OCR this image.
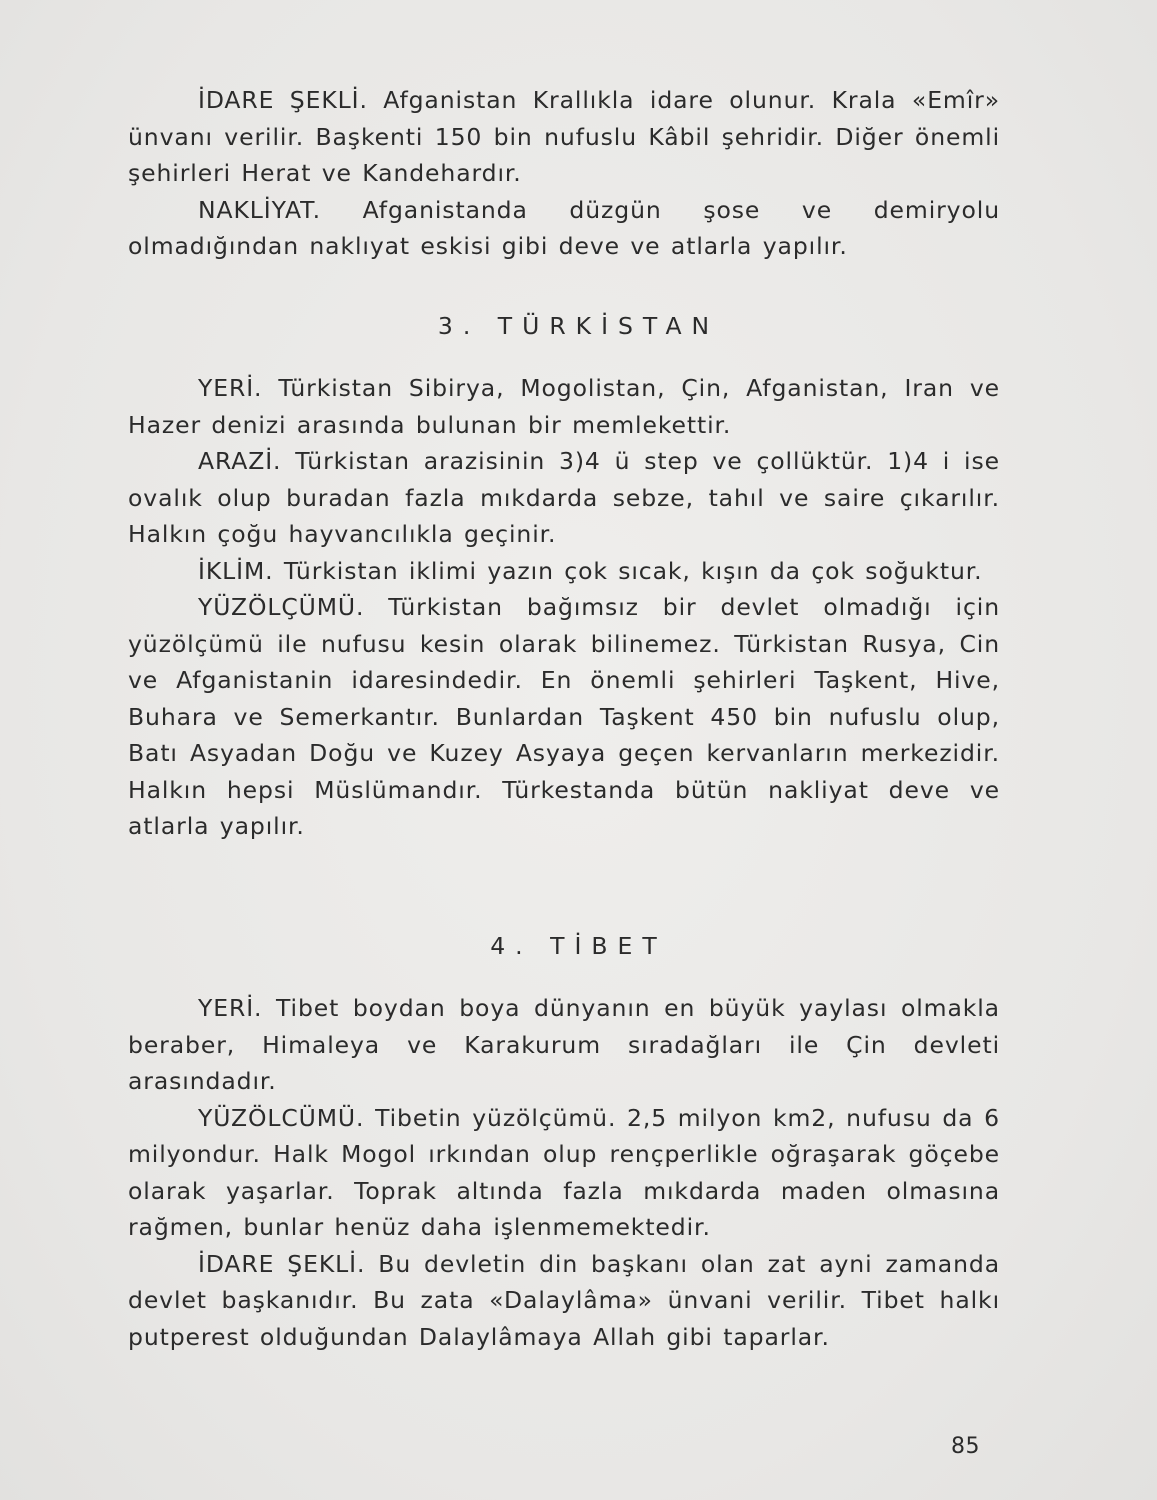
İDARE ŞEKLİ. Afganistan Krallıkla idare olunur. Krala «Emîr» ünvanı verilir. Başkenti 150 bin nufuslu Kâbil şehridir. Diğer önemli şehirleri Herat ve Kandehardır.

NAKLİYAT. Afganistanda düzgün şose ve demiryolu olmadığından naklıyat eskisi gibi deve ve atlarla yapılır.

3. TÜRKİSTAN

YERİ. Türkistan Sibirya, Mogolistan, Çin, Afganistan, Iran ve Hazer denizi arasında bulunan bir memlekettir.

ARAZİ. Türkistan arazisinin 3)4 ü step ve çollüktür. 1)4 i ise ovalık olup buradan fazla mıkdarda sebze, tahıl ve saire çıkarılır. Halkın çoğu hayvancılıkla geçinir.

İKLİM. Türkistan iklimi yazın çok sıcak, kışın da çok soğuktur.

YÜZÖLÇÜMÜ. Türkistan bağımsız bir devlet olmadığı için yüzölçümü ile nufusu kesin olarak bilinemez. Türkistan Rusya, Cin ve Afganistanin idaresindedir. En önemli şehirleri Taşkent, Hive, Buhara ve Semerkantır. Bunlardan Taşkent 450 bin nufuslu olup, Batı Asyadan Doğu ve Kuzey Asyaya geçen kervanların merkezidir. Halkın hepsi Müslümandır. Türkestanda bütün nakliyat deve ve atlarla yapılır.

4. TİBET

YERİ. Tibet boydan boya dünyanın en büyük yaylası olmakla beraber, Himaleya ve Karakurum sıradağları ile Çin devleti arasındadır.

YÜZÖLCÜMÜ. Tibetin yüzölçümü. 2,5 milyon km2, nufusu da 6 milyondur. Halk Mogol ırkından olup rençperlikle oğraşarak göçebe olarak yaşarlar. Toprak altında fazla mıkdarda maden olmasına rağmen, bunlar henüz daha işlenmemektedir.

İDARE ŞEKLİ. Bu devletin din başkanı olan zat ayni zamanda devlet başkanıdır. Bu zata «Dalaylâma» ünvani verilir. Tibet halkı putperest olduğundan Dalaylâmaya Allah gibi taparlar.

85
